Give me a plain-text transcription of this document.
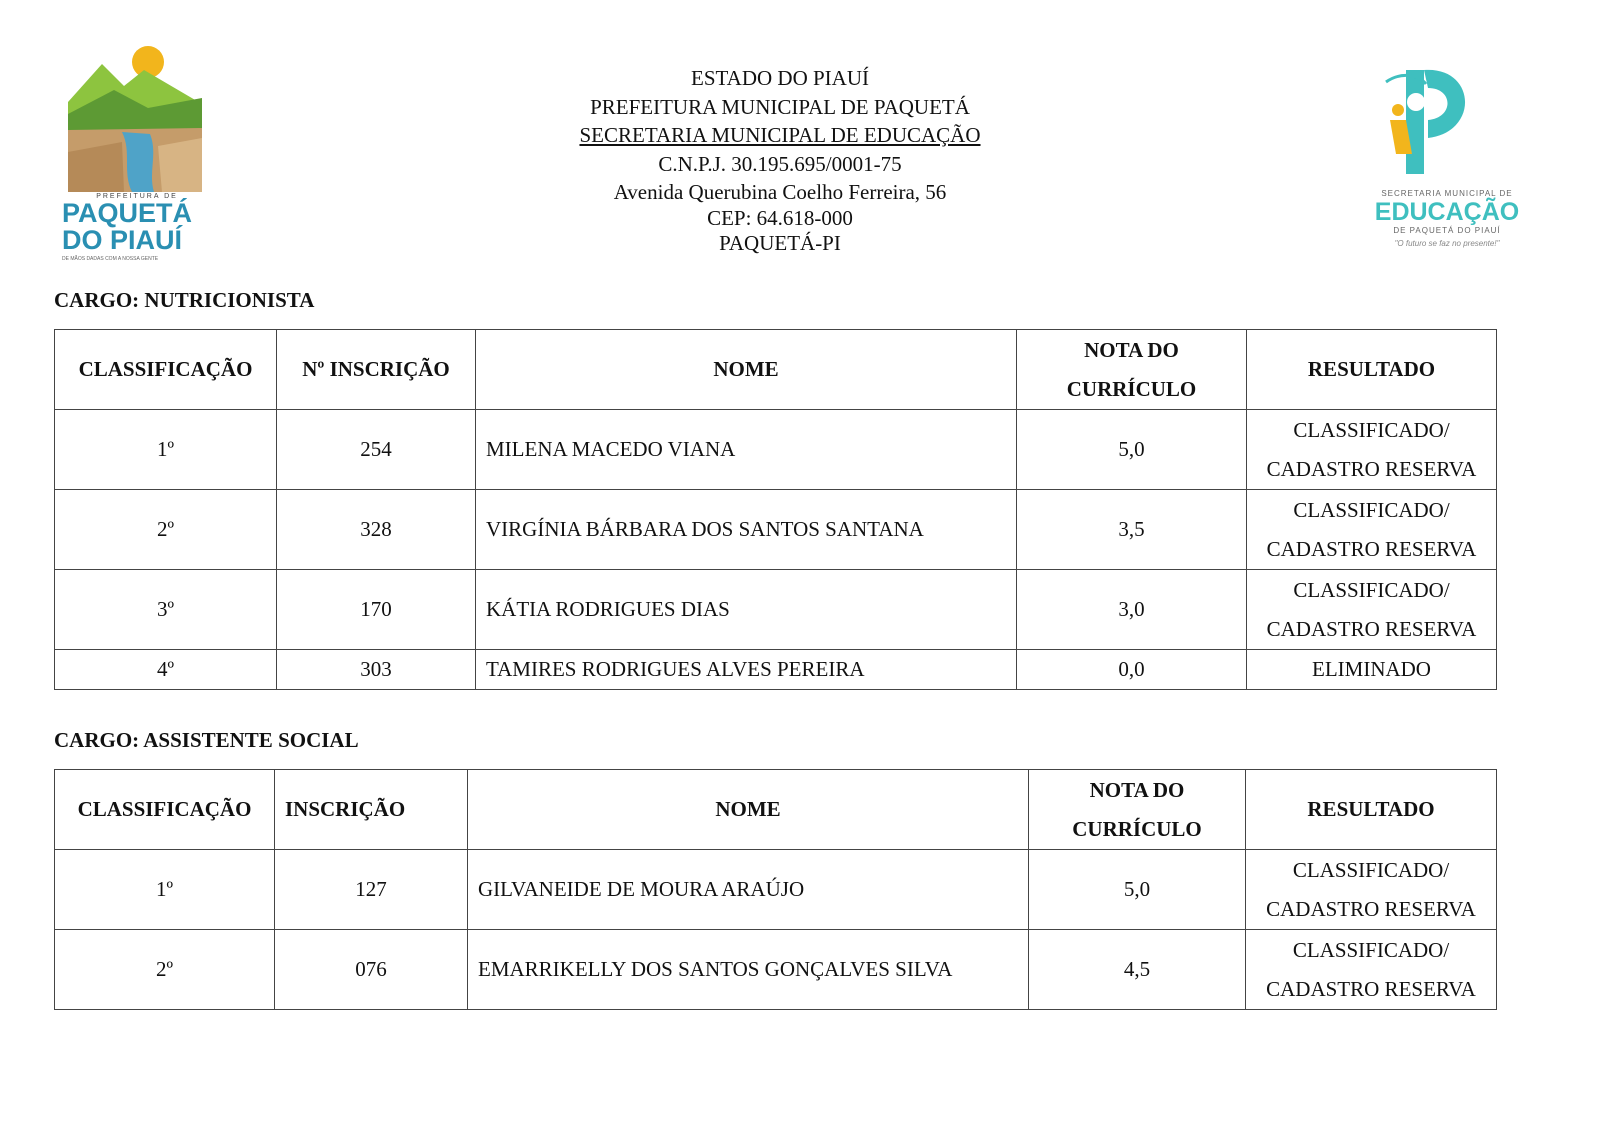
PREFEITURA DE
PAQUETÁ
DO PIAUÍ
DE MÃOS DADAS COM A NOSSA GENTE
ESTADO DO PIAUÍ
PREFEITURA MUNICIPAL DE PAQUETÁ
SECRETARIA MUNICIPAL DE EDUCAÇÃO
C.N.P.J. 30.195.695/0001-75
Avenida Querubina Coelho Ferreira, 56
CEP: 64.618-000
PAQUETÁ-PI
SECRETARIA MUNICIPAL DE
EDUCAÇÃO
DE PAQUETÁ DO PIAUÍ
"O futuro se faz no presente!"
CARGO: NUTRICIONISTA
CLASSIFICAÇÃO	Nº INSCRIÇÃO	NOME	NOTA DO CURRÍCULO	RESULTADO
1º	254	MILENA MACEDO VIANA	5,0	CLASSIFICADO/
CADASTRO RESERVA

2º	328	VIRGÍNIA BÁRBARA DOS SANTOS SANTANA	3,5	CLASSIFICADO/
CADASTRO RESERVA

3º	170	KÁTIA RODRIGUES DIAS	3,0	CLASSIFICADO/
CADASTRO RESERVA

4º	303	TAMIRES RODRIGUES ALVES PEREIRA	0,0	ELIMINADO
CARGO: ASSISTENTE SOCIAL
CLASSIFICAÇÃO	INSCRIÇÃO	NOME	NOTA DO CURRÍCULO	RESULTADO
1º	127	GILVANEIDE DE MOURA ARAÚJO	5,0	CLASSIFICADO/
CADASTRO RESERVA

2º	076	EMARRIKELLY DOS SANTOS GONÇALVES SILVA	4,5	CLASSIFICADO/
CADASTRO RESERVA
